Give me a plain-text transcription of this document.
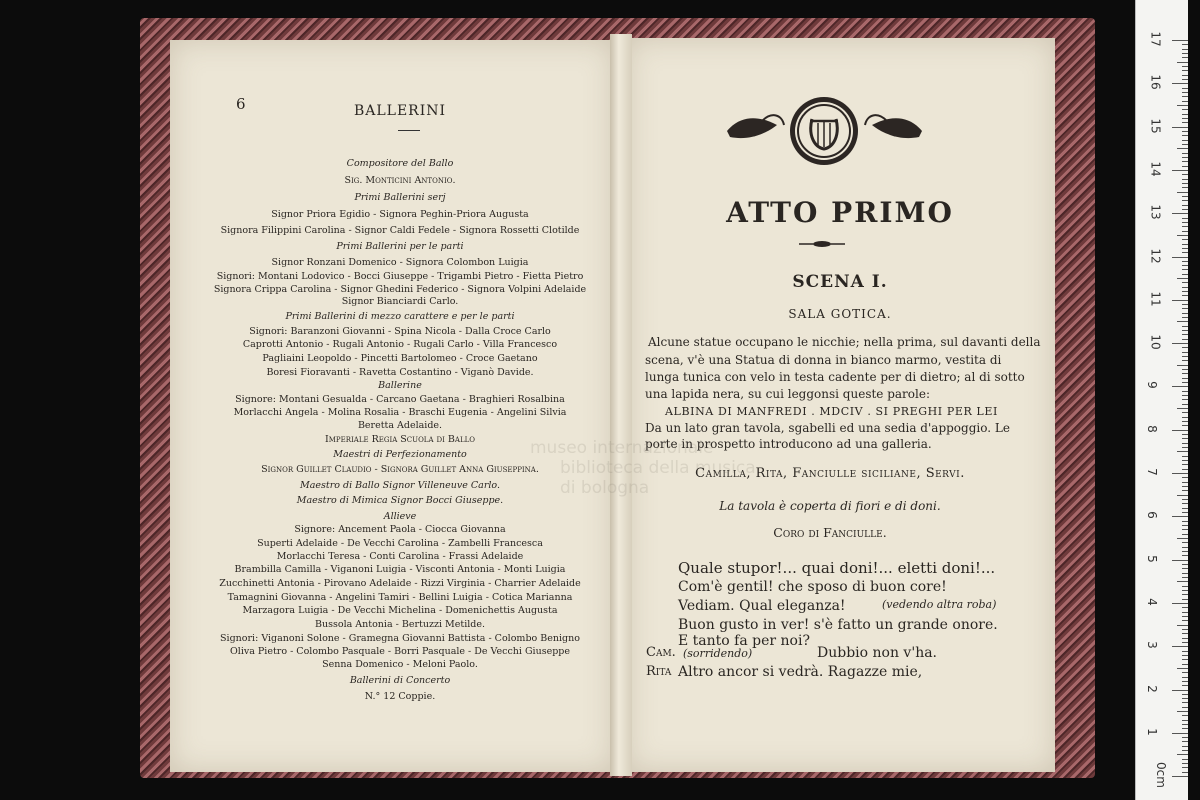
6	BALLERINI
Compositore del Ballo
Sig. Monticini Antonio.
Primi Ballerini serj
Signor Priora Egidio - Signora Peghin-Priora Augusta
Signora Filippini Carolina - Signor Caldi Fedele - Signora Rossetti Clotilde
Primi Ballerini per le parti
Signor Ronzani Domenico - Signora Colombon Luigia
Signori: Montani Lodovico - Bocci Giuseppe - Trigambi Pietro - Fietta Pietro
Signora Crippa Carolina - Signor Ghedini Federico - Signora Volpini Adelaide
Signor Bianciardi Carlo.
Primi Ballerini di mezzo carattere e per le parti
Signori: Baranzoni Giovanni - Spina Nicola - Dalla Croce Carlo
Caprotti Antonio - Rugali Antonio - Rugali Carlo - Villa Francesco
Pagliaini Leopoldo - Pincetti Bartolomeo - Croce Gaetano
Boresi Fioravanti - Ravetta Costantino - Viganò Davide.
Ballerine
Signore: Montani Gesualda - Carcano Gaetana - Braghieri Rosalbina
Morlacchi Angela - Molina Rosalia - Braschi Eugenia - Angelini Silvia
Beretta Adelaide.
Imperiale Regia Scuola di Ballo
Maestri di Perfezionamento
Signor Guillet Claudio - Signora Guillet Anna Giuseppina.
Maestro di Ballo Signor Villeneuve Carlo.
Maestro di Mimica Signor Bocci Giuseppe.
Allieve
Signore: Ancement Paola - Ciocca Giovanna
Superti Adelaide - De Vecchi Carolina - Zambelli Francesca
Morlacchi Teresa - Conti Carolina - Frassi Adelaide
Brambilla Camilla - Viganoni Luigia - Visconti Antonia - Monti Luigia
Zucchinetti Antonia - Pirovano Adelaide - Rizzi Virginia - Charrier Adelaide
Tamagnini Giovanna - Angelini Tamiri - Bellini Luigia - Cotica Marianna
Marzagora Luigia - De Vecchi Michelina - Domenichettis Augusta
Bussola Antonia - Bertuzzi Metilde.
Signori: Viganoni Solone - Gramegna Giovanni Battista - Colombo Benigno
Oliva Pietro - Colombo Pasquale - Borri Pasquale - De Vecchi Giuseppe
Senna Domenico - Meloni Paolo.
Ballerini di Concerto
N.° 12 Coppie.
ATTO PRIMO
SCENA I.
SALA GOTICA.
Alcune statue occupano le nicchie; nella prima, sul davanti della
scena, v'è una Statua di donna in bianco marmo, vestita di
lunga tunica con velo in testa cadente per di dietro; al di sotto
una lapida nera, su cui leggonsi queste parole:
ALBINA DI MANFREDI . MDCIV . SI PREGHI PER LEI
Da un lato gran tavola, sgabelli ed una sedia d'appoggio. Le
porte in prospetto introducono ad una galleria.
Camilla, Rita, Fanciulle siciliane, Servi.
La tavola è coperta di fiori e di doni.
Coro di Fanciulle.
Quale stupor!... quai doni!... eletti doni!...
Com'è gentil! che sposo di buon core!
Vediam. Qual eleganza!
Buon gusto in ver! s'è fatto un grande onore.
E tanto fa per noi?
(vedendo altra roba)
Cam. (sorridendo)	Dubbio non v'ha.
Rita Altro ancor si vedrà. Ragazze mie,
museo internazionale
biblioteca della musica
di bologna
17
16
15
14
13
12
11
10
9
8
7
6
5
4
3
2
1
0cm
